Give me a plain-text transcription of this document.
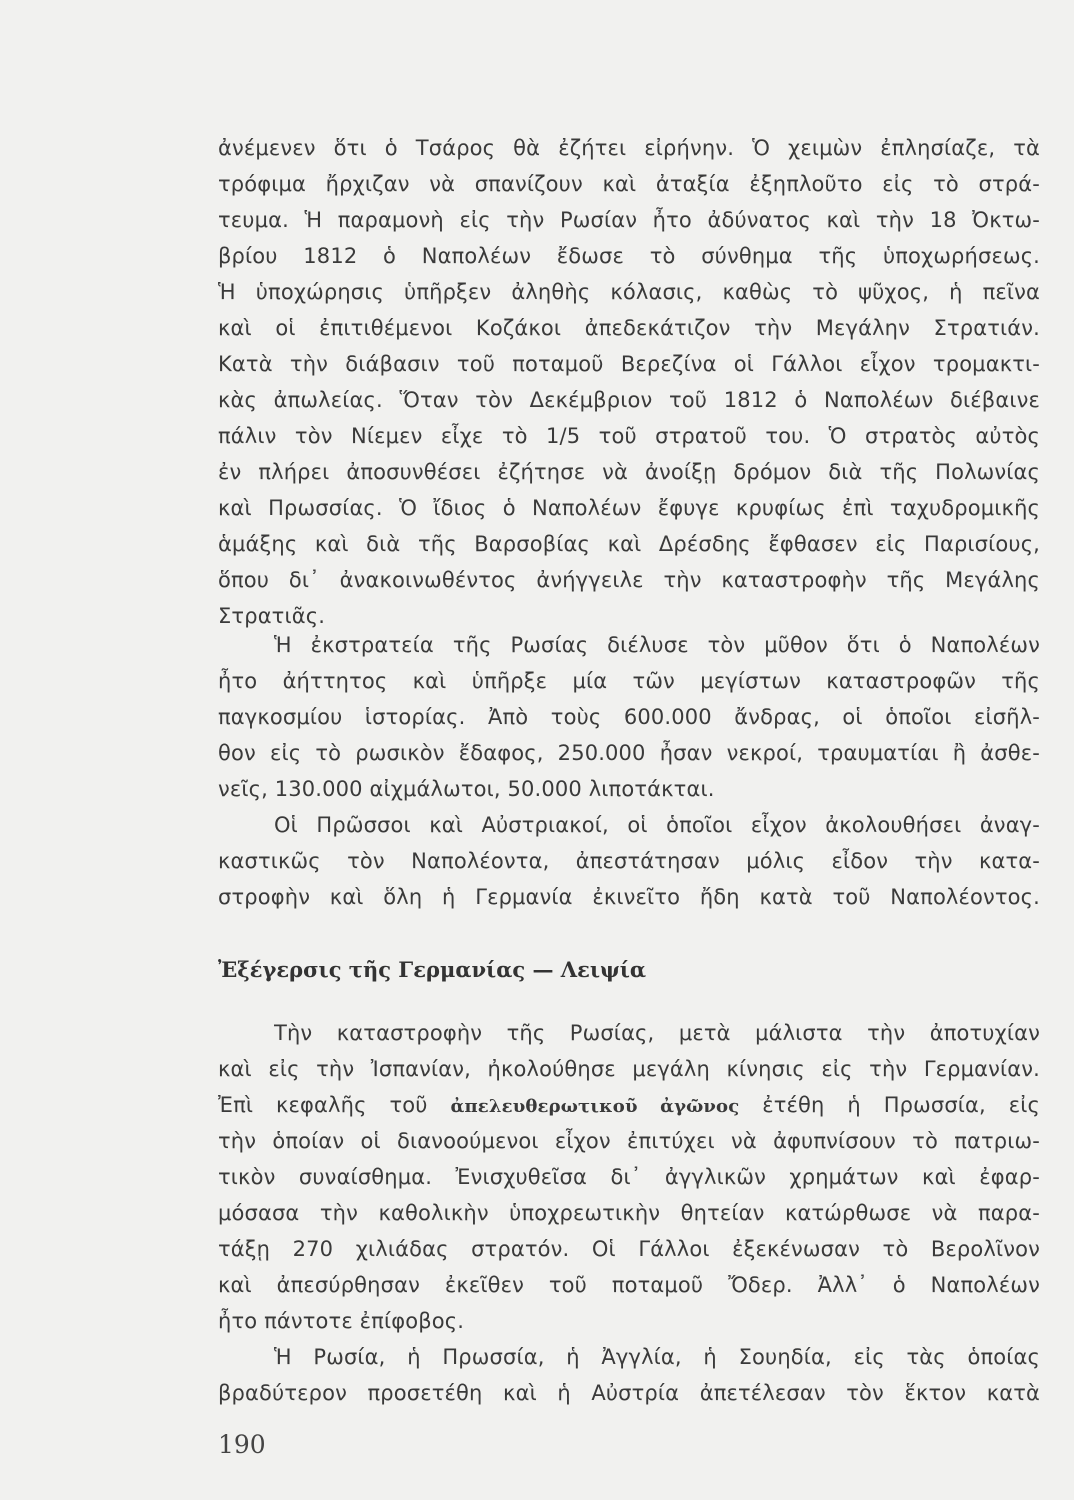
ἀνέμενεν ὅτι ὁ Τσάρος θὰ ἐζήτει εἰρήνην. Ὁ χειμὼν ἐπλησίαζε, τὰ
τρόφιμα ἤρχιζαν νὰ σπανίζουν καὶ ἀταξία ἐξηπλοῦτο εἰς τὸ στρά-
τευμα. Ἡ παραμονὴ εἰς τὴν Ρωσίαν ἦτο ἀδύνατος καὶ τὴν 18 Ὀκτω-
βρίου 1812 ὁ Ναπολέων ἔδωσε τὸ σύνθημα τῆς ὑποχωρήσεως.
Ἡ ὑποχώρησις ὑπῆρξεν ἀληθὴς κόλασις, καθὼς τὸ ψῦχος, ἡ πεῖνα
καὶ οἱ ἐπιτιθέμενοι Κοζάκοι ἀπεδεκάτιζον τὴν Μεγάλην Στρατιάν.
Κατὰ τὴν διάβασιν τοῦ ποταμοῦ Βερεζίνα οἱ Γάλλοι εἶχον τρομακτι-
κὰς ἀπωλείας. Ὅταν τὸν Δεκέμβριον τοῦ 1812 ὁ Ναπολέων διέβαινε
πάλιν τὸν Νίεμεν εἶχε τὸ 1/5 τοῦ στρατοῦ του. Ὁ στρατὸς αὐτὸς
ἐν πλήρει ἀποσυνθέσει ἐζήτησε νὰ ἀνοίξῃ δρόμον διὰ τῆς Πολωνίας
καὶ Πρωσσίας. Ὁ ἴδιος ὁ Ναπολέων ἔφυγε κρυφίως ἐπὶ ταχυδρομικῆς
ἁμάξης καὶ διὰ τῆς Βαρσοβίας καὶ Δρέσδης ἔφθασεν εἰς Παρισίους,
ὅπου δι᾿ ἀνακοινωθέντος ἀνήγγειλε τὴν καταστροφὴν τῆς Μεγάλης
Στρατιᾶς.
Ἡ ἐκστρατεία τῆς Ρωσίας διέλυσε τὸν μῦθον ὅτι ὁ Ναπολέων
ἦτο ἀήττητος καὶ ὑπῆρξε μία τῶν μεγίστων καταστροφῶν τῆς
παγκοσμίου ἱστορίας. Ἀπὸ τοὺς 600.000 ἄνδρας, οἱ ὁποῖοι εἰσῆλ-
θον εἰς τὸ ρωσικὸν ἔδαφος, 250.000 ἦσαν νεκροί, τραυματίαι ἢ ἀσθε-
νεῖς, 130.000 αἰχμάλωτοι, 50.000 λιποτάκται.
Οἱ Πρῶσσοι καὶ Αὐστριακοί, οἱ ὁποῖοι εἶχον ἀκολουθήσει ἀναγ-
καστικῶς τὸν Ναπολέοντα, ἀπεστάτησαν μόλις εἶδον τὴν κατα-
στροφὴν καὶ ὅλη ἡ Γερμανία ἐκινεῖτο ἤδη κατὰ τοῦ Ναπολέοντος.
Ἐξέγερσις τῆς Γερμανίας — Λειψία
Τὴν καταστροφὴν τῆς Ρωσίας, μετὰ μάλιστα τὴν ἀποτυχίαν
καὶ εἰς τὴν Ἰσπανίαν, ἠκολούθησε μεγάλη κίνησις εἰς τὴν Γερμανίαν.
Ἐπὶ κεφαλῆς τοῦ ἀπελευθερωτικοῦ ἀγῶνος ἐτέθη ἡ Πρωσσία, εἰς
τὴν ὁποίαν οἱ διανοούμενοι εἶχον ἐπιτύχει νὰ ἀφυπνίσουν τὸ πατριω-
τικὸν συναίσθημα. Ἐνισχυθεῖσα δι᾿ ἀγγλικῶν χρημάτων καὶ ἐφαρ-
μόσασα τὴν καθολικὴν ὑποχρεωτικὴν θητείαν κατώρθωσε νὰ παρα-
τάξῃ 270 χιλιάδας στρατόν. Οἱ Γάλλοι ἐξεκένωσαν τὸ Βερολῖνον
καὶ ἀπεσύρθησαν ἐκεῖθεν τοῦ ποταμοῦ Ὄδερ. Ἀλλ᾿ ὁ Ναπολέων
ἦτο πάντοτε ἐπίφοβος.
Ἡ Ρωσία, ἡ Πρωσσία, ἡ Ἀγγλία, ἡ Σουηδία, εἰς τὰς ὁποίας
βραδύτερον προσετέθη καὶ ἡ Αὐστρία ἀπετέλεσαν τὸν ἕκτον κατὰ
190
